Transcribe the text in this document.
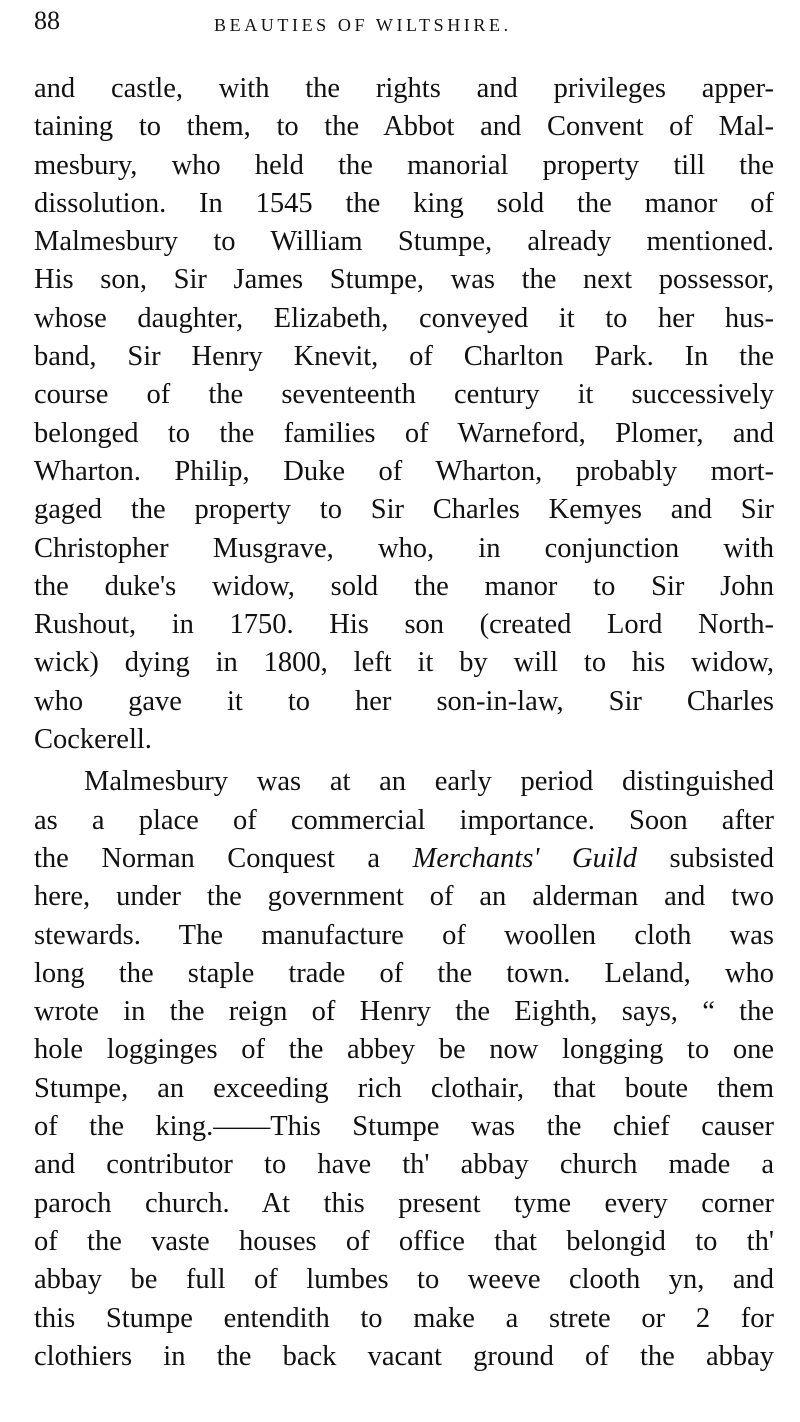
88	BEAUTIES OF WILTSHIRE.
and castle, with the rights and privileges apper-
taining to them, to the Abbot and Convent of Mal-
mesbury, who held the manorial property till the
dissolution. In 1545 the king sold the manor of
Malmesbury to William Stumpe, already mentioned.
His son, Sir James Stumpe, was the next possessor,
whose daughter, Elizabeth, conveyed it to her hus-
band, Sir Henry Knevit, of Charlton Park. In the
course of the seventeenth century it successively
belonged to the families of Warneford, Plomer, and
Wharton. Philip, Duke of Wharton, probably mort-
gaged the property to Sir Charles Kemyes and Sir
Christopher Musgrave, who, in conjunction with
the duke's widow, sold the manor to Sir John
Rushout, in 1750. His son (created Lord North-
wick) dying in 1800, left it by will to his widow,
who gave it to her son-in-law, Sir Charles
Cockerell.
Malmesbury was at an early period distinguished
as a place of commercial importance. Soon after
the Norman Conquest a Merchants' Guild subsisted
here, under the government of an alderman and two
stewards. The manufacture of woollen cloth was
long the staple trade of the town. Leland, who
wrote in the reign of Henry the Eighth, says, “ the
hole logginges of the abbey be now longging to one
Stumpe, an exceeding rich clothair, that boute them
of the king.——This Stumpe was the chief causer
and contributor to have th' abbay church made a
paroch church. At this present tyme every corner
of the vaste houses of office that belongid to th'
abbay be full of lumbes to weeve clooth yn, and
this Stumpe entendith to make a strete or 2 for
clothiers in the back vacant ground of the abbay
